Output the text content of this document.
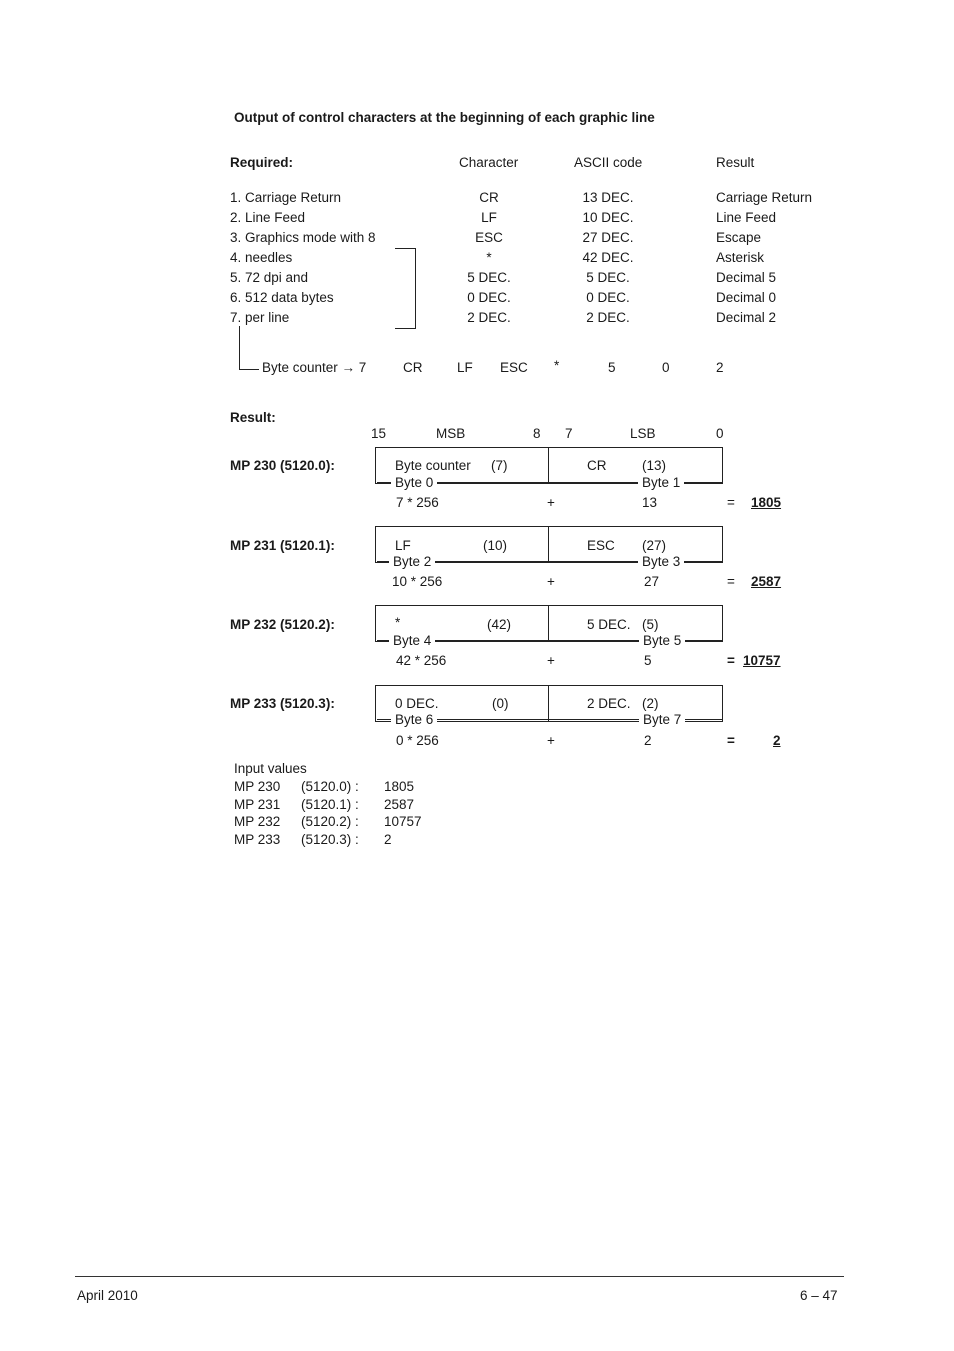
Output of control characters at the beginning of each graphic line
Required:	Character	ASCII code	Result
1. Carriage Return	CR	13 DEC.	Carriage Return
2. Line Feed	LF	10 DEC.	Line Feed
3. Graphics mode with 8	ESC	27 DEC.	Escape
4. needles	*	42 DEC.	Asterisk
5. 72 dpi and	5 DEC.	5 DEC.	Decimal 5
6. 512 data bytes	0 DEC.	0 DEC.	Decimal 0
7. per line	2 DEC.	2 DEC.	Decimal 2
Byte counter → 7	CR	LF ESC *	5	0	2
Result:
15	MSB	8 7	LSB	0
MP 230 (5120.0):	Byte counter (7)	CR	(13)
Byte 0	Byte 1
7 * 256	+	13	= 1805
MP 231 (5120.1):	LF	(10)	ESC (27)
Byte 2	Byte 3
10 * 256	+	27	= 2587
MP 232 (5120.2):	*	(42)	5 DEC. (5)
Byte 4	Byte 5
42 * 256	+	5	= 10757
MP 233 (5120.3):	0 DEC.	(0)	2 DEC. (2)
Byte 6	Byte 7
0 * 256	+	2	=	2
Input values
MP 230 (5120.0) : 1805
MP 231 (5120.1) : 2587
MP 232 (5120.2) : 10757
MP 233 (5120.3) : 2
April 2010	6 – 47
